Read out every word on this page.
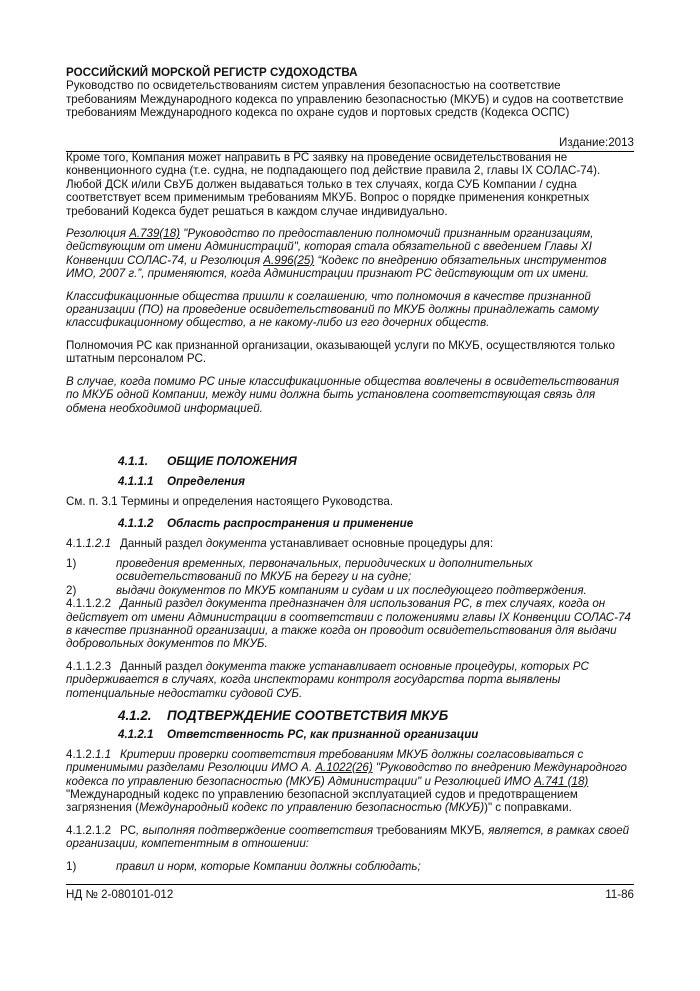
РОССИЙСКИЙ МОРСКОЙ РЕГИСТР СУДОХОДСТВА
Руководство по освидетельствованиям систем управления безопасностью на соответствие требованиям Международного кодекса по управлению безопасностью (МКУБ) и судов на соответствие требованиям Международного кодекса по охране судов и портовых средств (Кодекса ОСПС)
Издание:2013

Кроме того, Компания может направить в РС заявку на проведение освидетельствования не конвенционного судна (т.е. судна, не подпадающего под действие правила 2, главы IX СОЛАС-74). Любой ДСК и/или СвУБ должен выдаваться только в тех случаях, когда СУБ Компании / судна соответствует всем применимым требованиям МКУБ. Вопрос о порядке применения конкретных требований Кодекса будет решаться в каждом случае индивидуально.

Резолюция А.739(18) "Руководство по предоставлению полномочий признанным организациям, действующим от имени Администраций", которая стала обязательной с введением Главы XI Конвенции СОЛАС-74, и Резолюция А.996(25) “Кодекс по внедрению обязательных инструментов ИМО, 2007 г.”, применяются, когда Администрации признают РС действующим от их имени.

Классификационные общества пришли к соглашению, что полномочия в качестве признанной организации (ПО) на проведение освидетельствований по МКУБ должны принадлежать самому классификационному общество, а не какому-либо из его дочерних обществ.

Полномочия РС как признанной организации, оказывающей услуги по МКУБ, осуществляются только штатным персоналом РС.

В случае, когда помимо РС иные классификационные общества вовлечены в освидетельствования по МКУБ одной Компании, между ними должна быть установлена соответствующая связь для обмена необходимой информацией.

4.1.1. ОБЩИЕ ПОЛОЖЕНИЯ
4.1.1.1 Определения

См. п. 3.1 Термины и определения настоящего Руководства.

4.1.1.2 Область распространения и применение
4.1.1.2.1 Данный раздел документа устанавливает основные процедуры для:
1)	проведения временных, первоначальных, периодических и дополнительных освидетельствований по МКУБ на берегу и на судне;
2)	выдачи документов по МКУБ компаниям и судам и их последующего подтверждения.
4.1.1.2.2 Данный раздел документа предназначен для использования РС, в тех случаях, когда он действует от имени Администрации в соответствии с положениями главы IX Конвенции СОЛАС-74 в качестве признанной организации, а также когда он проводит освидетельствования для выдачи добровольных документов по МКУБ.
4.1.1.2.3 Данный раздел документа также устанавливает основные процедуры, которых РС придерживается в случаях, когда инспекторами контроля государства порта выявлены потенциальные недостатки судовой СУБ.
4.1.2. ПОДТВЕРЖДЕНИЕ СООТВЕТСТВИЯ МКУБ
4.1.2.1 Ответственность РС, как признанной организации
4.1.2.1.1 Критерии проверки соответствия требованиям МКУБ должны согласовываться с применимыми разделами Резолюции ИМО А. А.1022(26) "Руководство по внедрению Международного кодекса по управлению безопасностью (МКУБ) Администрации" и Резолюцией ИМО А.741 (18) "Международный кодекс по управлению безопасной эксплуатацией судов и предотвращением загрязнения (Международный кодекс по управлению безопасностью (МКУБ))" с поправками.
4.1.2.1.2 РС, выполняя подтверждение соответствия требованиям МКУБ, является, в рамках своей организации, компетентным в отношении:
1)	правил и норм, которые Компании должны соблюдать;
НД № 2-080101-012	11-86
